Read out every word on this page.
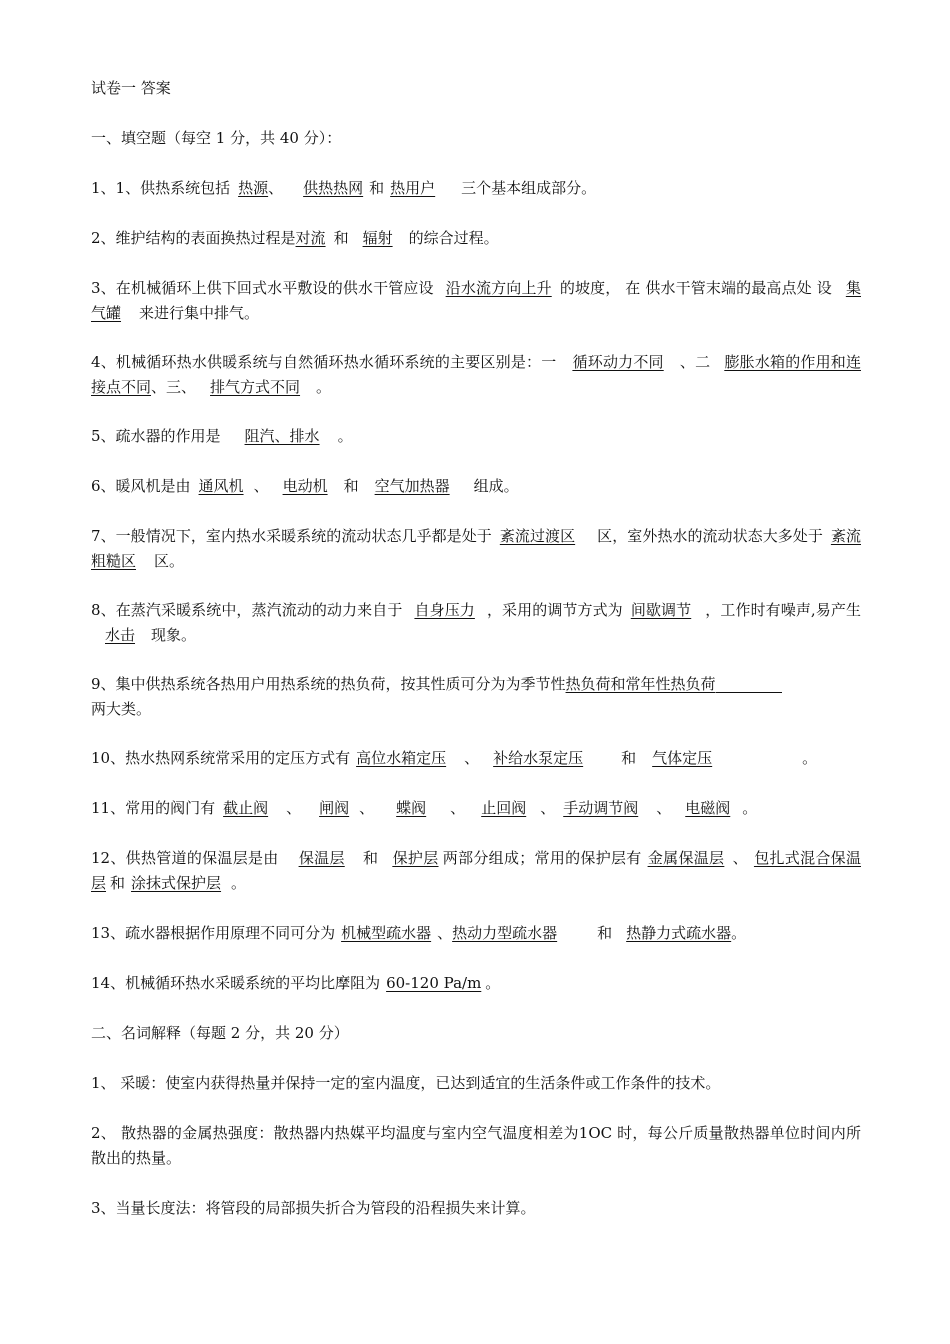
试卷一 答案
一、填空题（每空 1 分，共 40 分）：
1、1、供热系统包括 热源、 供热热网 和 热用户 三个基本组成部分。
2、维护结构的表面换热过程是对流 和 辐射 的综合过程。
3、在机械循环上供下回式水平敷设的供水干管应设 沿水流方向上升 的坡度， 在 供水干管末端的最高点处 设 集气罐 来进行集中排气。
4、机械循环热水供暖系统与自然循环热水循环系统的主要区别是：一 循环动力不同 、二 膨胀水箱的作用和连接点不同、三、 排气方式不同 。
5、疏水器的作用是 阻汽、排水 。
6、暖风机是由 通风机 、 电动机 和 空气加热器 组成。
7、一般情况下，室内热水采暖系统的流动状态几乎都是处于 紊流过渡区 区，室外热水的流动状态大多处于 紊流粗糙区 区。
8、在蒸汽采暖系统中，蒸汽流动的动力来自于 自身压力 ，采用的调节方式为 间歇调节 ，工作时有噪声,易产生水击 现象。
9、集中供热系统各热用户用热系统的热负荷，按其性质可分为为季节性热负荷和常年性热负荷
两大类。
10、热水热网系统常采用的定压方式有 高位水箱定压 、 补给水泵定压	和 气体定压	。
11、常用的阀门有 截止阀 、 闸阀 、 蝶阀 、 止回阀 、 手动调节阀 、 电磁阀 。
12、供热管道的保温层是由 保温层 和 保护层 两部分组成；常用的保护层有 金属保温层 、 包扎式混合保温层 和 涂抹式保护层 。
13、疏水器根据作用原理不同可分为 机械型疏水器 、热动力型疏水器	和 热静力式疏水器。
14、机械循环热水采暖系统的平均比摩阻为 60-120 Pa/m 。
二、名词解释（每题 2 分，共 20 分）
1、 采暖：使室内获得热量并保持一定的室内温度，已达到适宜的生活条件或工作条件的技术。
2、 散热器的金属热强度：散热器内热媒平均温度与室内空气温度相差为1OC 时，每公斤质量散热器单位时间内所散出的热量。
3、当量长度法：将管段的局部损失折合为管段的沿程损失来计算。
